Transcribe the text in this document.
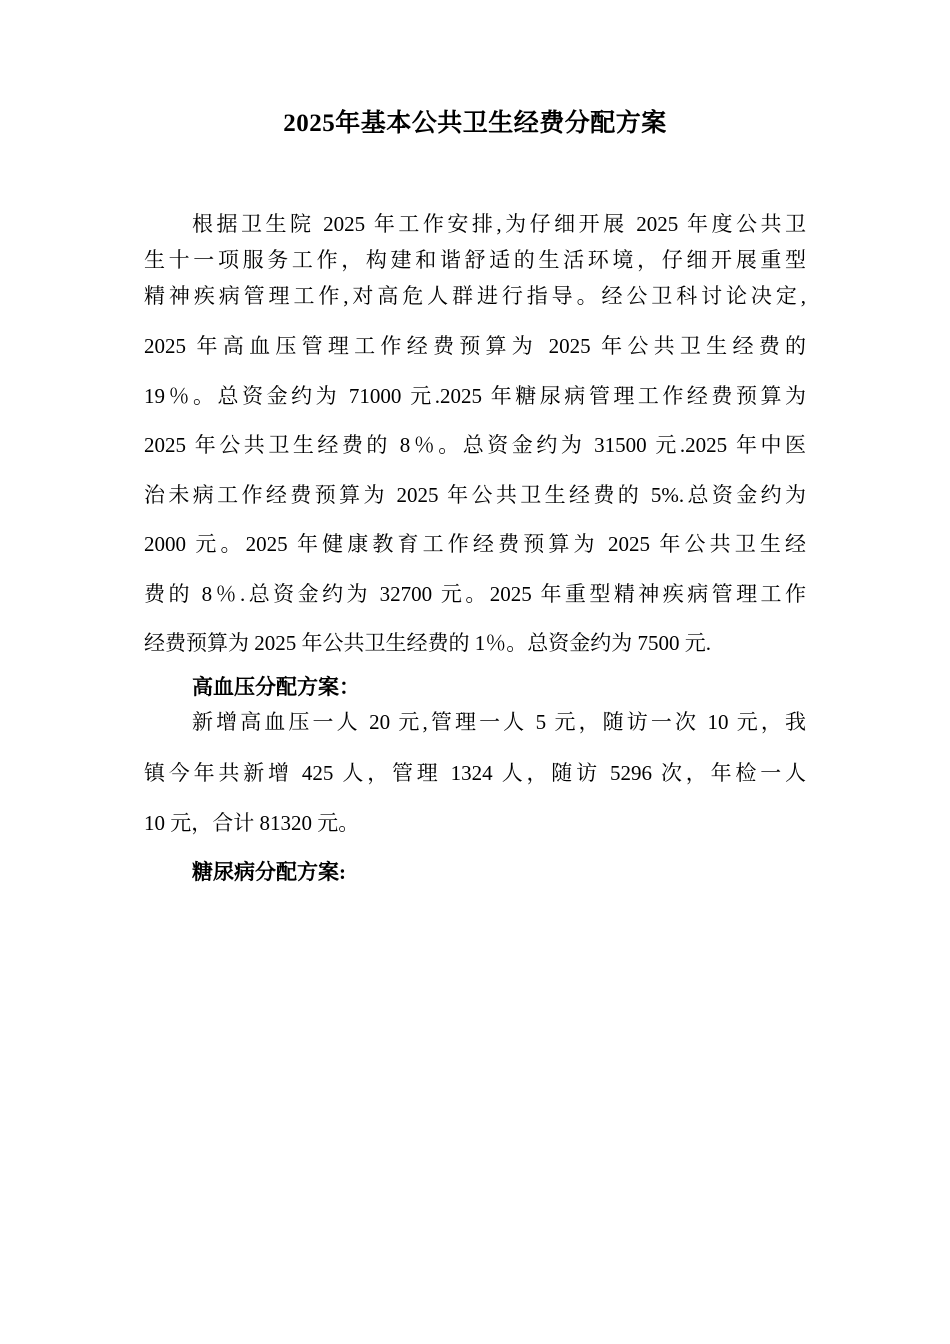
2025年基本公共卫生经费分配方案
根据卫生院 2025 年工作安排,为仔细开展 2025 年度公共卫
生十一项服务工作，构建和谐舒适的生活环境，仔细开展重型
精神疾病管理工作,对高危人群进行指导。经公卫科讨论决定,
2025 年高血压管理工作经费预算为 2025 年公共卫生经费的
19％。总资金约为 71000 元.2025 年糖尿病管理工作经费预算为
2025 年公共卫生经费的 8％。总资金约为 31500 元.2025 年中医
治未病工作经费预算为 2025 年公共卫生经费的 5%.总资金约为
2000 元。2025 年健康教育工作经费预算为 2025 年公共卫生经
费的 8％.总资金约为 32700 元。2025 年重型精神疾病管理工作
经费预算为 2025 年公共卫生经费的 1％。总资金约为 7500 元.
高血压分配方案：
新增高血压一人 20 元,管理一人 5 元，随访一次 10 元，我
镇今年共新增 425 人，管理 1324 人，随访 5296 次，年检一人
10 元，合计 81320 元。
糖尿病分配方案:
